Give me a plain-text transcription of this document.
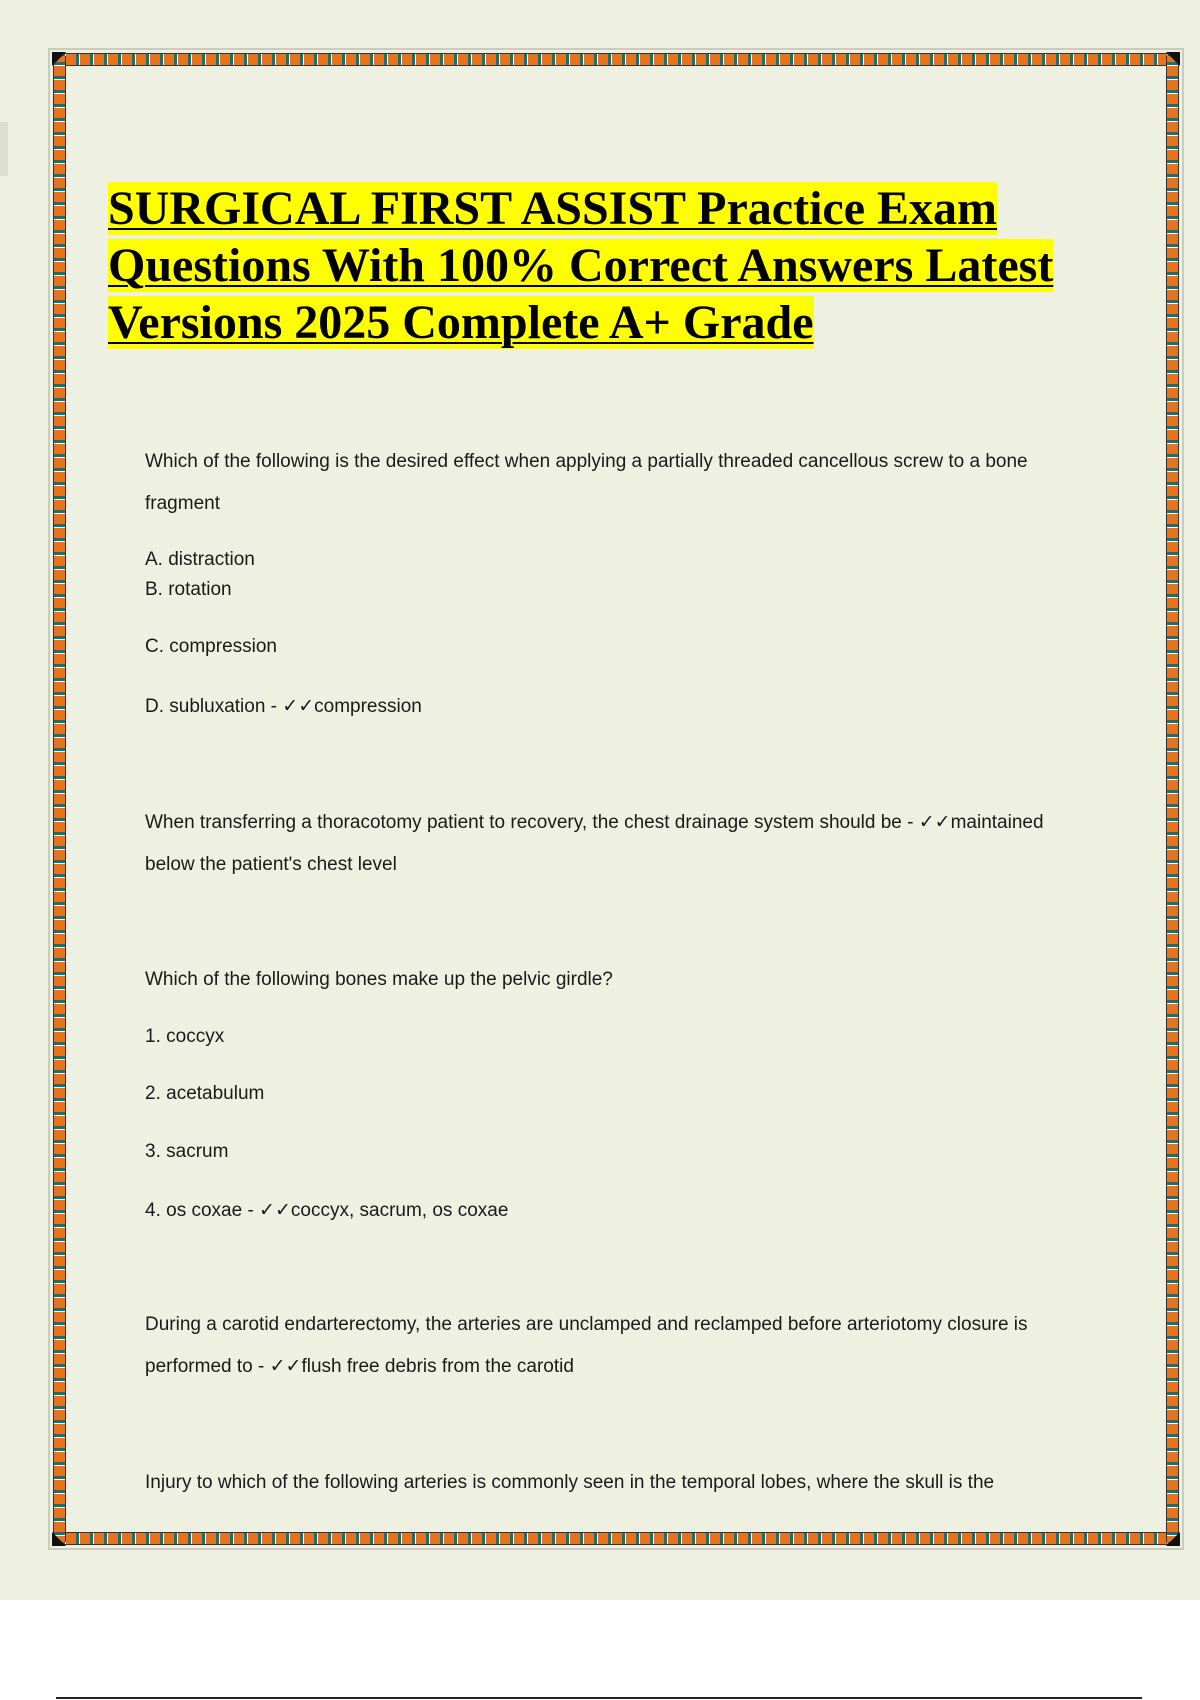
SURGICAL FIRST ASSIST Practice Exam
Questions With 100% Correct Answers Latest
Versions 2025 Complete A+ Grade
Which of the following is the desired effect when applying a partially threaded cancellous screw to a bone fragment
A. distraction
B. rotation
C. compression
D. subluxation - ✓✓compression
When transferring a thoracotomy patient to recovery, the chest drainage system should be - ✓✓maintained below the patient's chest level
Which of the following bones make up the pelvic girdle?
1. coccyx
2. acetabulum
3. sacrum
4. os coxae - ✓✓coccyx, sacrum, os coxae
During a carotid endarterectomy, the arteries are unclamped and reclamped before arteriotomy closure is performed to - ✓✓flush free debris from the carotid
Injury to which of the following arteries is commonly seen in the temporal lobes, where the skull is the
